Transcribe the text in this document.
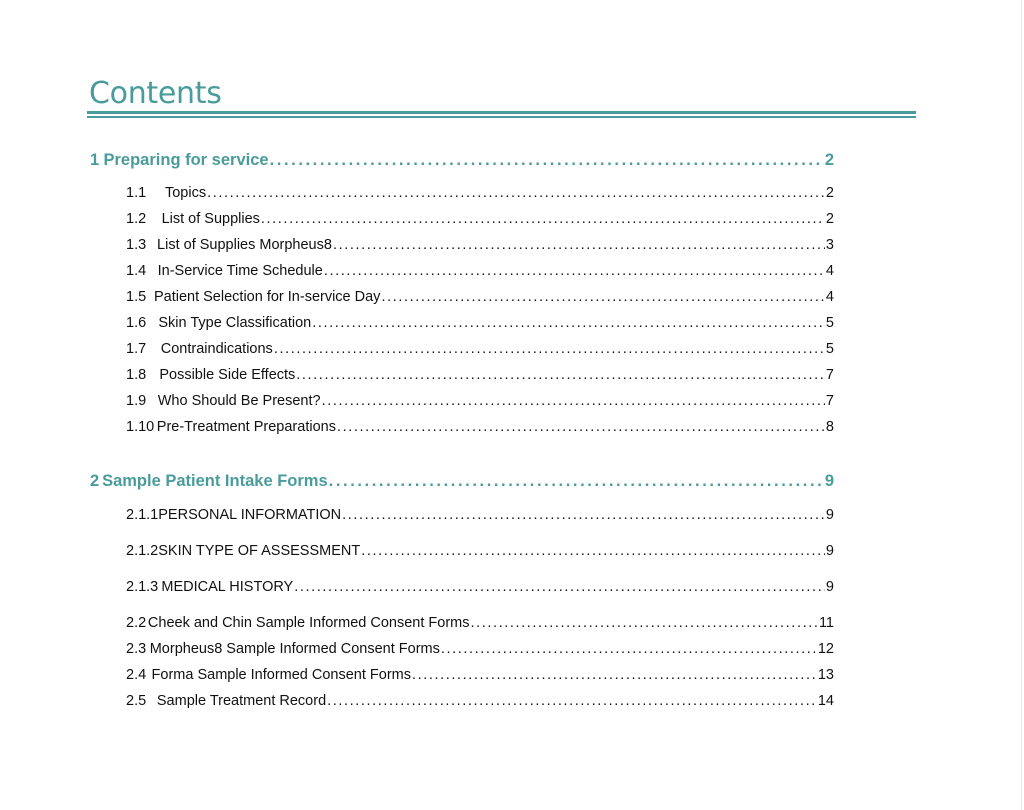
Contents
1 Preparing for service .....	2
1.1	Topics .....	2
1.2	List of Supplies .....	2
1.3 List of Supplies Morpheus8 .....	3
1.4 In-Service Time Schedule .....	4
1.5 Patient Selection for In-service Day .....	4
1.6 Skin Type Classification .....	5
1.7	Contraindications .....	5
1.8 Possible Side Effects .....	7
1.9 Who Should Be Present? .....	7
1.10 Pre-Treatment Preparations .....	8
2 Sample Patient Intake Forms .....	9
2.1.1 PERSONAL INFORMATION .....	9
2.1.2 SKIN TYPE OF ASSESSMENT .....	9
2.1.3 MEDICAL HISTORY .....	9
2.2 Cheek and Chin Sample Informed Consent Forms .....	11
2.3 Morpheus8 Sample Informed Consent Forms .....	12
2.4 Forma Sample Informed Consent Forms .....	13
2.5 Sample Treatment Record .....	14
